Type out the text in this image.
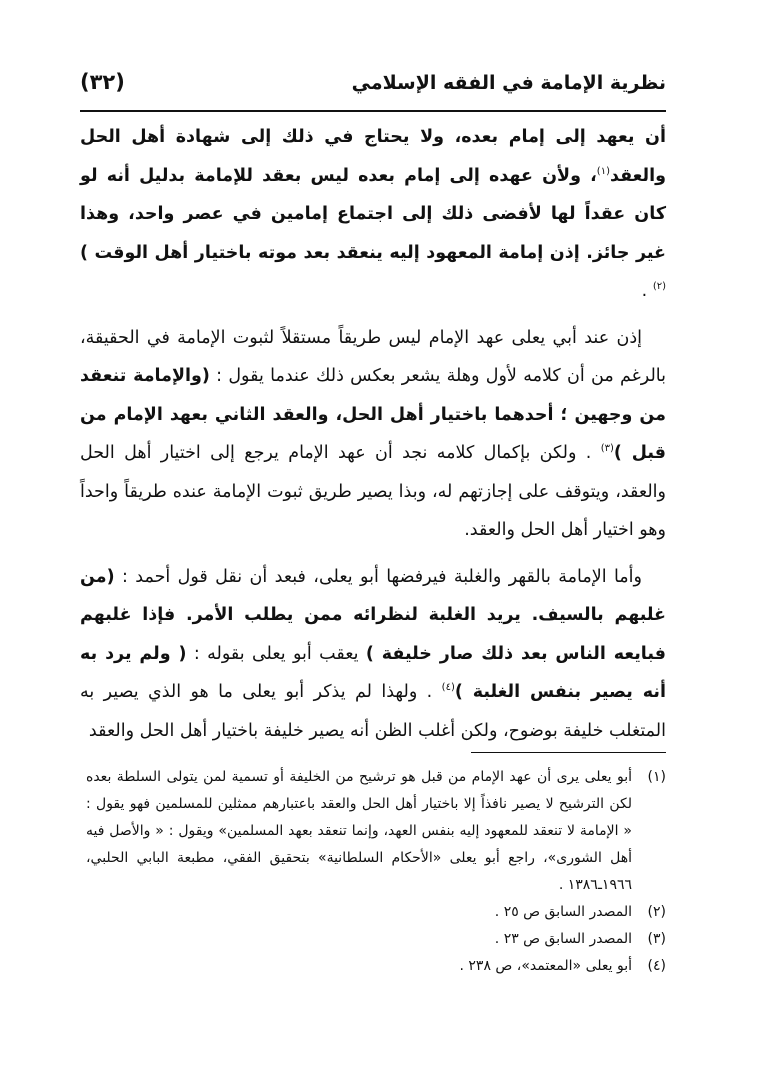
نظرية الإمامة في الفقه الإسلامي
(٣٢)

أن يعهد إلى إمام بعده، ولا يحتاج في ذلك إلى شهادة أهل الحل والعقد$^{(١)}$، ولأن عهده إلى إمام بعده ليس بعقد للإمامة بدليل أنه لو كان عقداً لها لأفضى ذلك إلى اجتماع إمامين في عصر واحد، وهذا غير جائز. إذن إمامة المعهود إليه ينعقد بعد موته باختيار أهل الوقت )$^{(٢)}$ .

إذن عند أبي يعلى عهد الإمام ليس طريقاً مستقلاً لثبوت الإمامة في الحقيقة، بالرغم من أن كلامه لأول وهلة يشعر بعكس ذلك عندما يقول : (والإمامة تنعقد من وجهين ؛ أحدهما باختيار أهل الحل، والعقد الثاني بعهد الإمام من قبل )$^{(٣)}$ . ولكن بإكمال كلامه نجد أن عهد الإمام يرجع إلى اختيار أهل الحل والعقد، ويتوقف على إجازتهم له، وبذا يصير طريق ثبوت الإمامة عنده طريقاً واحداً وهو اختيار أهل الحل والعقد.

وأما الإمامة بالقهر والغلبة فيرفضها أبو يعلى، فبعد أن نقل قول أحمد : (من غلبهم بالسيف. يريد الغلبة لنظرائه ممن يطلب الأمر. فإذا غلبهم فبايعه الناس بعد ذلك صار خليفة ) يعقب أبو يعلى بقوله : ( ولم يرد به أنه يصير بنفس الغلبة )$^{(٤)}$ . ولهذا لم يذكر أبو يعلى ما هو الذي يصير به المتغلب خليفة بوضوح، ولكن أغلب الظن أنه يصير خليفة باختيار أهل الحل والعقد

(١)
أبو يعلى يرى أن عهد الإمام من قبل هو ترشيح من الخليفة أو تسمية لمن يتولى السلطة بعده لكن الترشيح لا يصير نافذاً إلا باختيار أهل الحل والعقد باعتبارهم ممثلين للمسلمين فهو يقول : « الإمامة لا تنعقد للمعهود إليه بنفس العهد، وإنما تنعقد بعهد المسلمين» ويقول : « والأصل فيه أهل الشورى»، راجع أبو يعلى «الأحكام السلطانية» بتحقيق الفقي، مطبعة البابي الحلبي، ١٩٦٦ـ١٣٨٦ .
(٢)
المصدر السابق ص ٢٥ .
(٣)
المصدر السابق ص ٢٣ .
(٤)
أبو يعلى «المعتمد»، ص ٢٣٨ .
